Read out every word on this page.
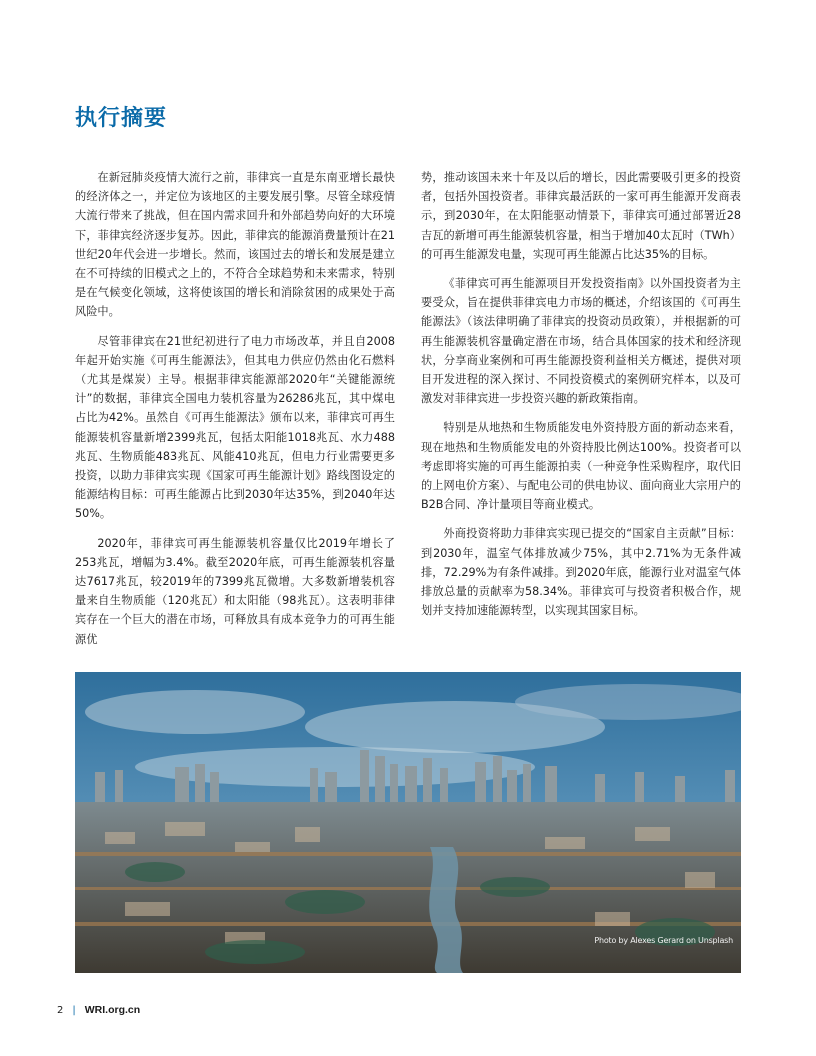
执行摘要

在新冠肺炎疫情大流行之前，菲律宾一直是东南亚增长最快的经济体之一，并定位为该地区的主要发展引擎。尽管全球疫情大流行带来了挑战，但在国内需求回升和外部趋势向好的大环境下，菲律宾经济逐步复苏。因此，菲律宾的能源消费量预计在21世纪20年代会进一步增长。然而，该国过去的增长和发展是建立在不可持续的旧模式之上的，不符合全球趋势和未来需求，特别是在气候变化领域，这将使该国的增长和消除贫困的成果处于高风险中。

尽管菲律宾在21世纪初进行了电力市场改革，并且自2008年起开始实施《可再生能源法》，但其电力供应仍然由化石燃料（尤其是煤炭）主导。根据菲律宾能源部2020年“关键能源统计”的数据，菲律宾全国电力装机容量为26286兆瓦，其中煤电占比为42%。虽然自《可再生能源法》颁布以来，菲律宾可再生能源装机容量新增2399兆瓦，包括太阳能1018兆瓦、水力488兆瓦、生物质能483兆瓦、风能410兆瓦，但电力行业需要更多投资，以助力菲律宾实现《国家可再生能源计划》路线图设定的能源结构目标：可再生能源占比到2030年达35%，到2040年达50%。

2020年，菲律宾可再生能源装机容量仅比2019年增长了253兆瓦，增幅为3.4%。截至2020年底，可再生能源装机容量达7617兆瓦，较2019年的7399兆瓦微增。大多数新增装机容量来自生物质能（120兆瓦）和太阳能（98兆瓦）。这表明菲律宾存在一个巨大的潜在市场，可释放具有成本竞争力的可再生能源优

势，推动该国未来十年及以后的增长，因此需要吸引更多的投资者，包括外国投资者。菲律宾最活跃的一家可再生能源开发商表示，到2030年，在太阳能驱动情景下，菲律宾可通过部署近28吉瓦的新增可再生能源装机容量，相当于增加40太瓦时（TWh）的可再生能源发电量，实现可再生能源占比达35%的目标。

《菲律宾可再生能源项目开发投资指南》以外国投资者为主要受众，旨在提供菲律宾电力市场的概述，介绍该国的《可再生能源法》（该法律明确了菲律宾的投资动员政策），并根据新的可再生能源装机容量确定潜在市场，结合具体国家的技术和经济现状，分享商业案例和可再生能源投资利益相关方概述，提供对项目开发进程的深入探讨、不同投资模式的案例研究样本，以及可激发对菲律宾进一步投资兴趣的新政策指南。

特别是从地热和生物质能发电外资持股方面的新动态来看，现在地热和生物质能发电的外资持股比例达100%。投资者可以考虑即将实施的可再生能源拍卖（一种竞争性采购程序，取代旧的上网电价方案）、与配电公司的供电协议、面向商业大宗用户的B2B合同、净计量项目等商业模式。

外商投资将助力菲律宾实现已提交的“国家自主贡献”目标：到2030年，温室气体排放减少75%，其中2.71%为无条件减排，72.29%为有条件减排。到2020年底，能源行业对温室气体排放总量的贡献率为58.34%。菲律宾可与投资者积极合作，规划并支持加速能源转型，以实现其国家目标。

Photo by Alexes Gerard on Unsplash
2 | WRI.org.cn
